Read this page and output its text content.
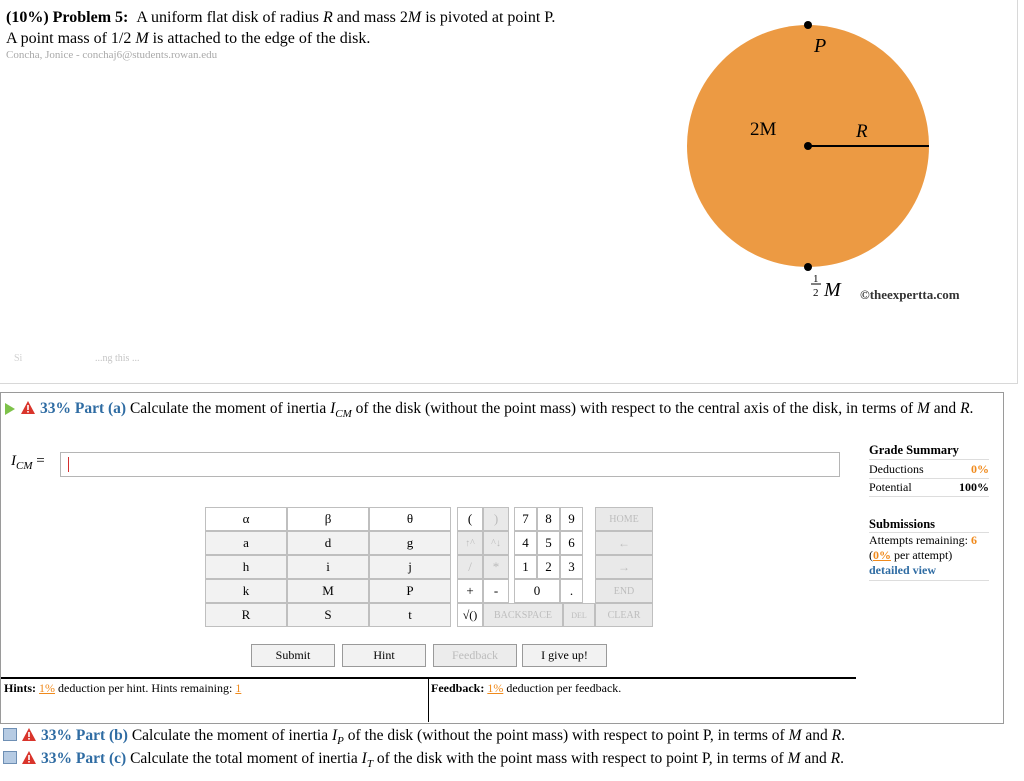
(10%) Problem 5: A uniform flat disk of radius R and mass 2M is pivoted at point P.
A point mass of 1/2 M is attached to the edge of the disk.
Concha, Jonice - conchaj6@students.rowan.edu
Si	...ng this ...
P
2M	R
1
2 M ©theexpertta.com
33% Part (a) Calculate the moment of inertia $I_{CM}$ of the disk (without the point mass) with respect to the central axis of the disk, in terms of M and R.
$I_{CM}$ =
Grade Summary
Deductions	0%
Potential	100%
Submissions
Attempts remaining: 6
(0% per attempt)
detailed view
α	β	θ
a	d	g
h	i	j
k	M	P
R	S	t
(	)
↑^	^↓
/	*
+	-
√()
7	8	9
4	5	6
1	2	3
0	.
BACKSPACE	DEL
HOME
←
→
END
CLEAR
Submit	Hint	Feedback	I give up!
Hints: 1% deduction per hint. Hints remaining: 1	Feedback: 1% deduction per feedback.
33% Part (b) Calculate the moment of inertia $I_P$ of the disk (without the point mass) with respect to point P, in terms of M and R.
33% Part (c) Calculate the total moment of inertia $I_T$ of the disk with the point mass with respect to point P, in terms of M and R.
